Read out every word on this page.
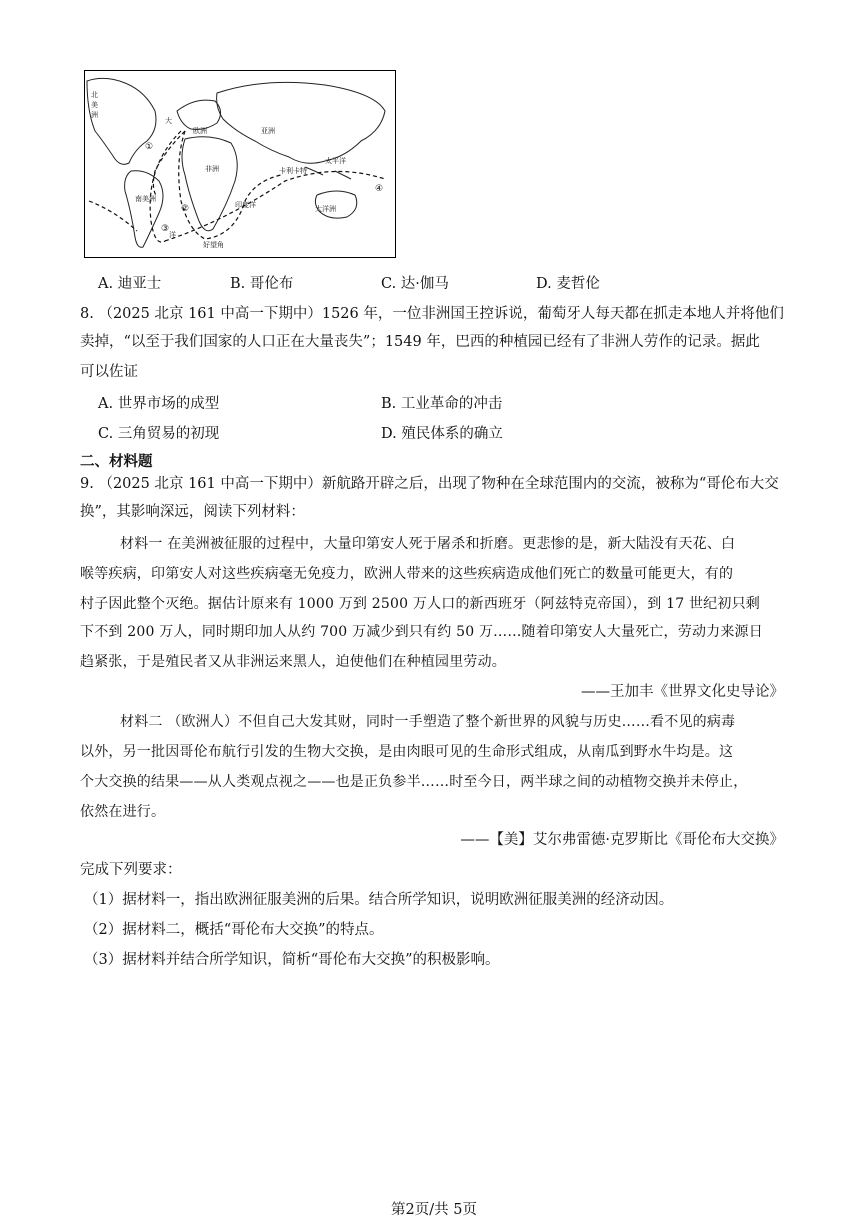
①
②
③
④
北
美
洲
大
欧洲	亚洲
非洲
南美洲
太平洋
大洋洲
印度洋
洋
好望角
卡利卡特
A. 迪亚士	B. 哥伦布	C. 达·伽马	D. 麦哲伦
8. （2025 北京 161 中高一下期中）1526 年，一位非洲国王控诉说，葡萄牙人每天都在抓走本地人并将他们
卖掉，“以至于我们国家的人口正在大量丧失”；1549 年，巴西的种植园已经有了非洲人劳作的记录。据此
可以佐证
A. 世界市场的成型	B. 工业革命的冲击
C. 三角贸易的初现	D. 殖民体系的确立
二、材料题
9. （2025 北京 161 中高一下期中）新航路开辟之后，出现了物种在全球范围内的交流，被称为“哥伦布大交
换”，其影响深远，阅读下列材料：
材料一 在美洲被征服的过程中，大量印第安人死于屠杀和折磨。更悲惨的是，新大陆没有天花、白
喉等疾病，印第安人对这些疾病毫无免疫力，欧洲人带来的这些疾病造成他们死亡的数量可能更大，有的
村子因此整个灭绝。据估计原来有 1000 万到 2500 万人口的新西班牙（阿兹特克帝国），到 17 世纪初只剩
下不到 200 万人，同时期印加人从约 700 万减少到只有约 50 万……随着印第安人大量死亡，劳动力来源日
趋紧张，于是殖民者又从非洲运来黑人，迫使他们在种植园里劳动。
——王加丰《世界文化史导论》
材料二 （欧洲人）不但自己大发其财，同时一手塑造了整个新世界的风貌与历史……看不见的病毒
以外，另一批因哥伦布航行引发的生物大交换，是由肉眼可见的生命形式组成，从南瓜到野水牛均是。这
个大交换的结果——从人类观点视之——也是正负参半……时至今日，两半球之间的动植物交换并未停止，
依然在进行。
——【美】艾尔弗雷德·克罗斯比《哥伦布大交换》
完成下列要求：
（1）据材料一，指出欧洲征服美洲的后果。结合所学知识，说明欧洲征服美洲的经济动因。
（2）据材料二，概括“哥伦布大交换”的特点。
（3）据材料并结合所学知识，简析“哥伦布大交换”的积极影响。
第2页/共 5页
